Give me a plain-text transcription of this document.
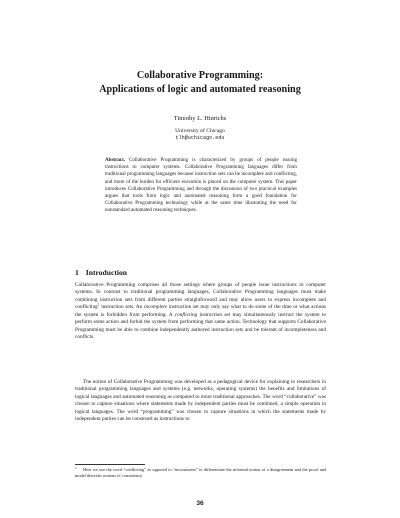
Collaborative Programming:
Applications of logic and automated reasoning
Timothy L. Hinrichs
University of Chicago
tlh@uchicago.edu
Abstract. Collaborative Programming is characterized by groups of people issuing instructions to computer systems. Collaborative Programming languages differ from traditional programming languages because instruction sets can be incomplete and conflicting, and more of the burden for efficient execution is placed on the computer system. This paper introduces Collaborative Programming and through the discussion of two practical examples argues that tools from logic and automated reasoning form a good foundation for Collaborative Programming technology while at the same time illustrating the need for nonstandard automated reasoning techniques.
1 Introduction
Collaborative Programming comprises all those settings where groups of people issue instructions to computer systems. In contrast to traditional programming languages, Collaborative Programming languages must make combining instruction sets from different parties straightforward and may allow users to express incomplete and conflicting$^1$ instruction sets. An incomplete instruction set may only say what to do some of the time or what actions the system is forbidden from performing. A conflicting instruction set may simultaneously instruct the system to perform some action and forbid the system from performing that same action. Technology that supports Collaborative Programming must be able to combine independently authored instruction sets and be tolerant of incompleteness and conflicts.
The notion of Collaborative Programming was developed as a pedagogical device for explaining to researchers in traditional programming languages and systems (e.g. networks, operating systems) the benefits and limitations of logical languages and automated reasoning as compared to more traditional approaches. The word “collaborative” was chosen to capture situations where statements made by independent parties must be combined, a simple operation in logical languages. The word “programming” was chosen to capture situations in which the statements made by independent parties can be construed as instructions to
1 Here we use the word “conflicting” as opposed to “inconsistent” to differentiate the informal notion of a disagreement and the proof and model theoretic notions of consistency.
36
